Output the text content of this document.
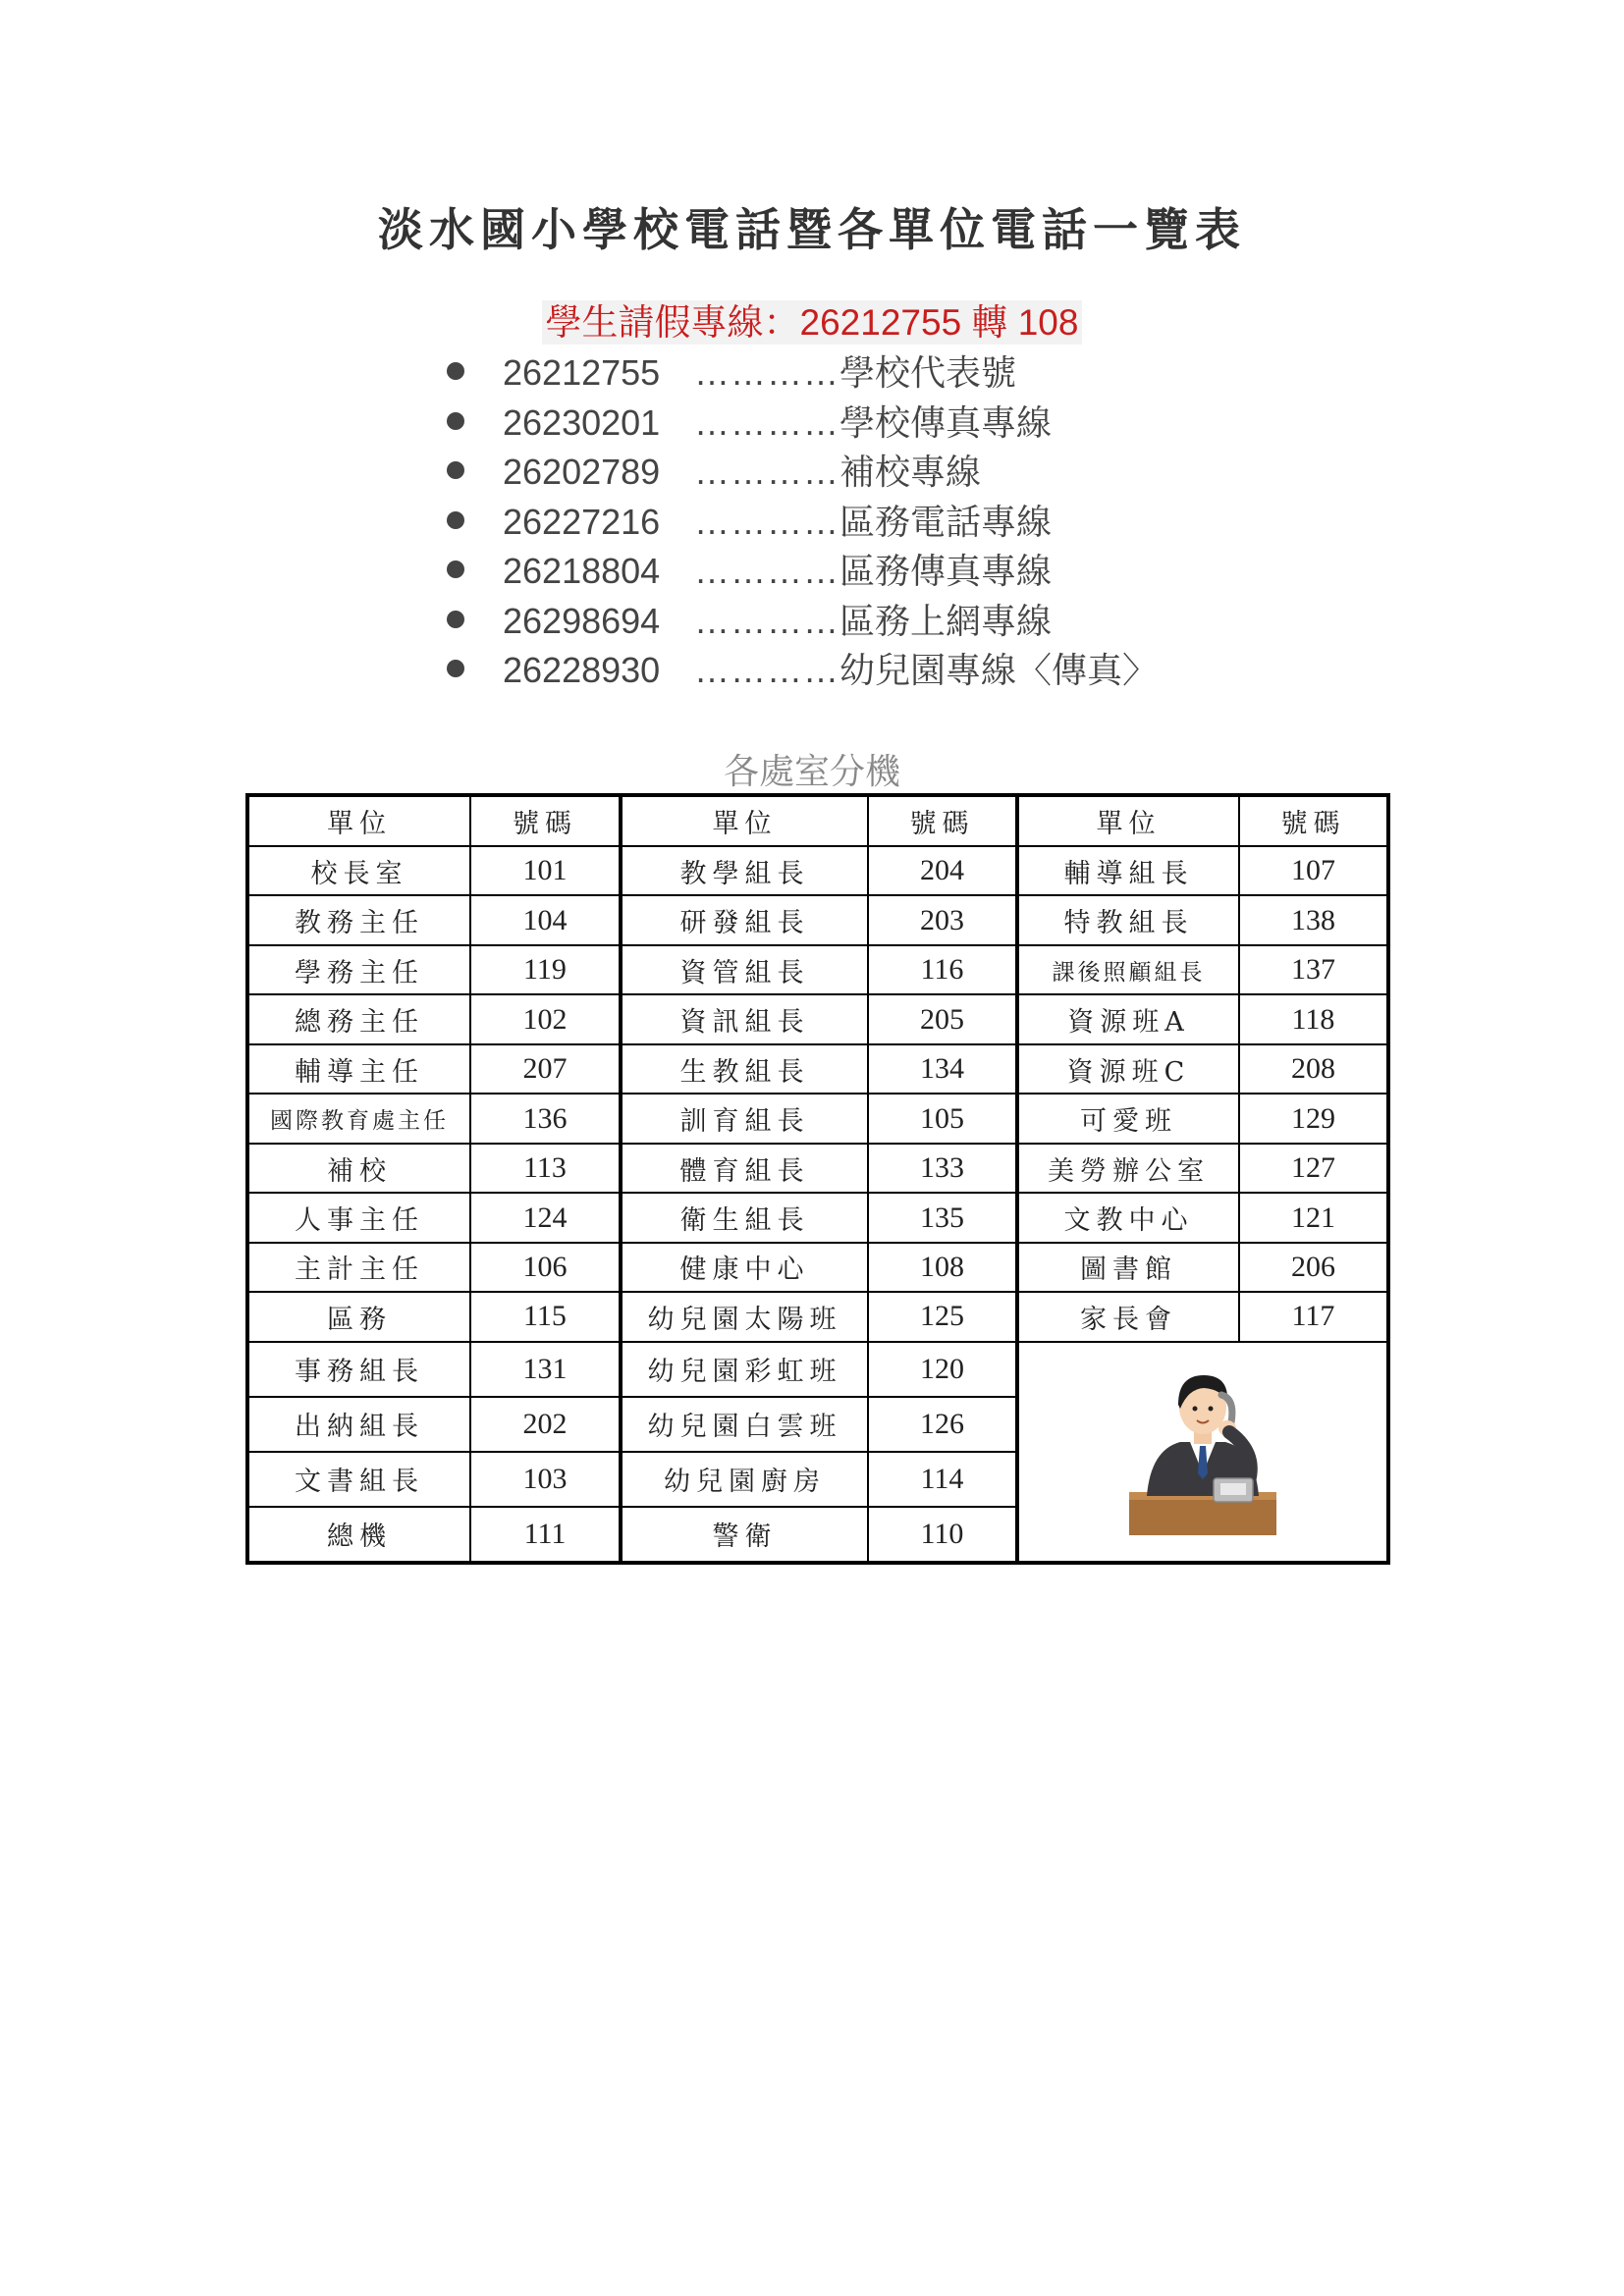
淡水國小學校電話暨各單位電話一覽表
學生請假專線：26212755 轉 108
26212755 …………學校代表號
26230201 …………學校傳真專線
26202789 …………補校專線
26227216 …………區務電話專線
26218804 …………區務傳真專線
26298694 …………區務上網專線
26228930 …………幼兒園專線〈傳真〉
各處室分機
單位	號碼	單位	號碼	單位	號碼
校長室	101	教學組長	204	輔導組長	107
教務主任	104	研發組長	203	特教組長	138
學務主任	119	資管組長	116	課後照顧組長	137
總務主任	102	資訊組長	205	資源班A	118
輔導主任	207	生教組長	134	資源班C	208
國際教育處主任	136	訓育組長	105	可愛班	129
補校	113	體育組長	133	美勞辦公室	127
人事主任	124	衛生組長	135	文教中心	121
主計主任	106	健康中心	108	圖書館	206
區務	115	幼兒園太陽班	125	家長會	117
事務組長	131	幼兒園彩虹班	120	

出納組長	202	幼兒園白雲班	126		
文書組長	103	幼兒園廚房	114		
總機	111	警衛	110		
